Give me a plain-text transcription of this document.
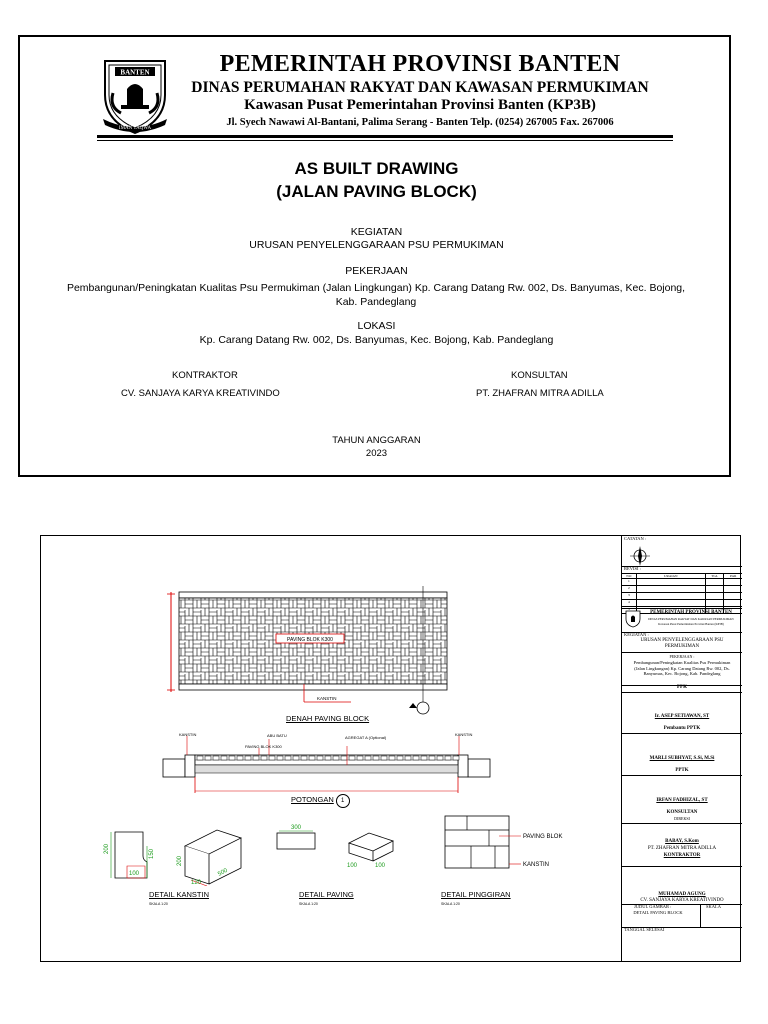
BANTEN
IMAN TAQWA
PEMERINTAH PROVINSI BANTEN
DINAS PERUMAHAN RAKYAT DAN KAWASAN PERMUKIMAN
Kawasan Pusat Pemerintahan Provinsi Banten (KP3B)
Jl. Syech Nawawi Al-Bantani, Palima Serang - Banten Telp. (0254) 267005 Fax. 267006
AS BUILT DRAWING
(JALAN PAVING BLOCK)
KEGIATAN
URUSAN PENYELENGGARAAN PSU PERMUKIMAN
PEKERJAAN
Pembangunan/Peningkatan Kualitas Psu Permukiman (Jalan Lingkungan) Kp. Carang Datang Rw. 002, Ds. Banyumas, Kec. Bojong, Kab. Pandeglang
LOKASI
Kp. Carang Datang Rw. 002, Ds. Banyumas, Kec. Bojong, Kab. Pandeglang
KONTRAKTOR
CV. SANJAYA KARYA KREATIVINDO
KONSULTAN
PT. ZHAFRAN MITRA ADILLA
TAHUN ANGGARAN
2023
PAVING BLOK K300
KANSTIN
DENAH PAVING BLOCK
KANSTIN	ABU BATU
PAVING BLOK K300
AGREGAT A (Optional)
KANSTIN
POTONGAN 1
200	150
100
200
120
500
DETAIL KANSTIN
SKALA 1:20
300
100	100
DETAIL PAVING
SKALA 1:20
PAVING BLOK
KANSTIN
DETAIL PINGGIRAN
SKALA 1:20
CATATAN :
REVISI :
NO	URAIAN	TGL	PAR
1
2
3
4
5
PEMERINTAH PROVINSI BANTEN
DINAS PERUMAHAN RAKYAT DAN KAWASAN PERMUKIMAN
Kawasan Pusat Pemerintahan Provinsi Banten (KP3B)
KEGIATAN :
URUSAN PENYELENGGARAAN PSU PERMUKIMAN
PEKERJAAN :
Pembangunan/Peningkatan Kualitas Psu Permukiman (Jalan Lingkungan) Kp. Carang Datang Rw. 002, Ds. Banyumas, Kec. Bojong, Kab. Pandeglang
PPK
Ir. ASEP SETIAWAN, ST
Pembantu PPTK
MARLI SUBHYAT, S.Si, M.Si
PPTK
IRFAN FADHIZAL, ST
KONSULTAN
DIREKSI
BABAY, S.Kom
PT. ZHAFRAN MITRA ADILLA
KONTRAKTOR
MUHAMAD AGUNG
CV. SANJAYA KARYA KREATIVINDO
JUDUL GAMBAR :	SKALA
DETAIL PAVING BLOCK
TANGGAL SELESAI
